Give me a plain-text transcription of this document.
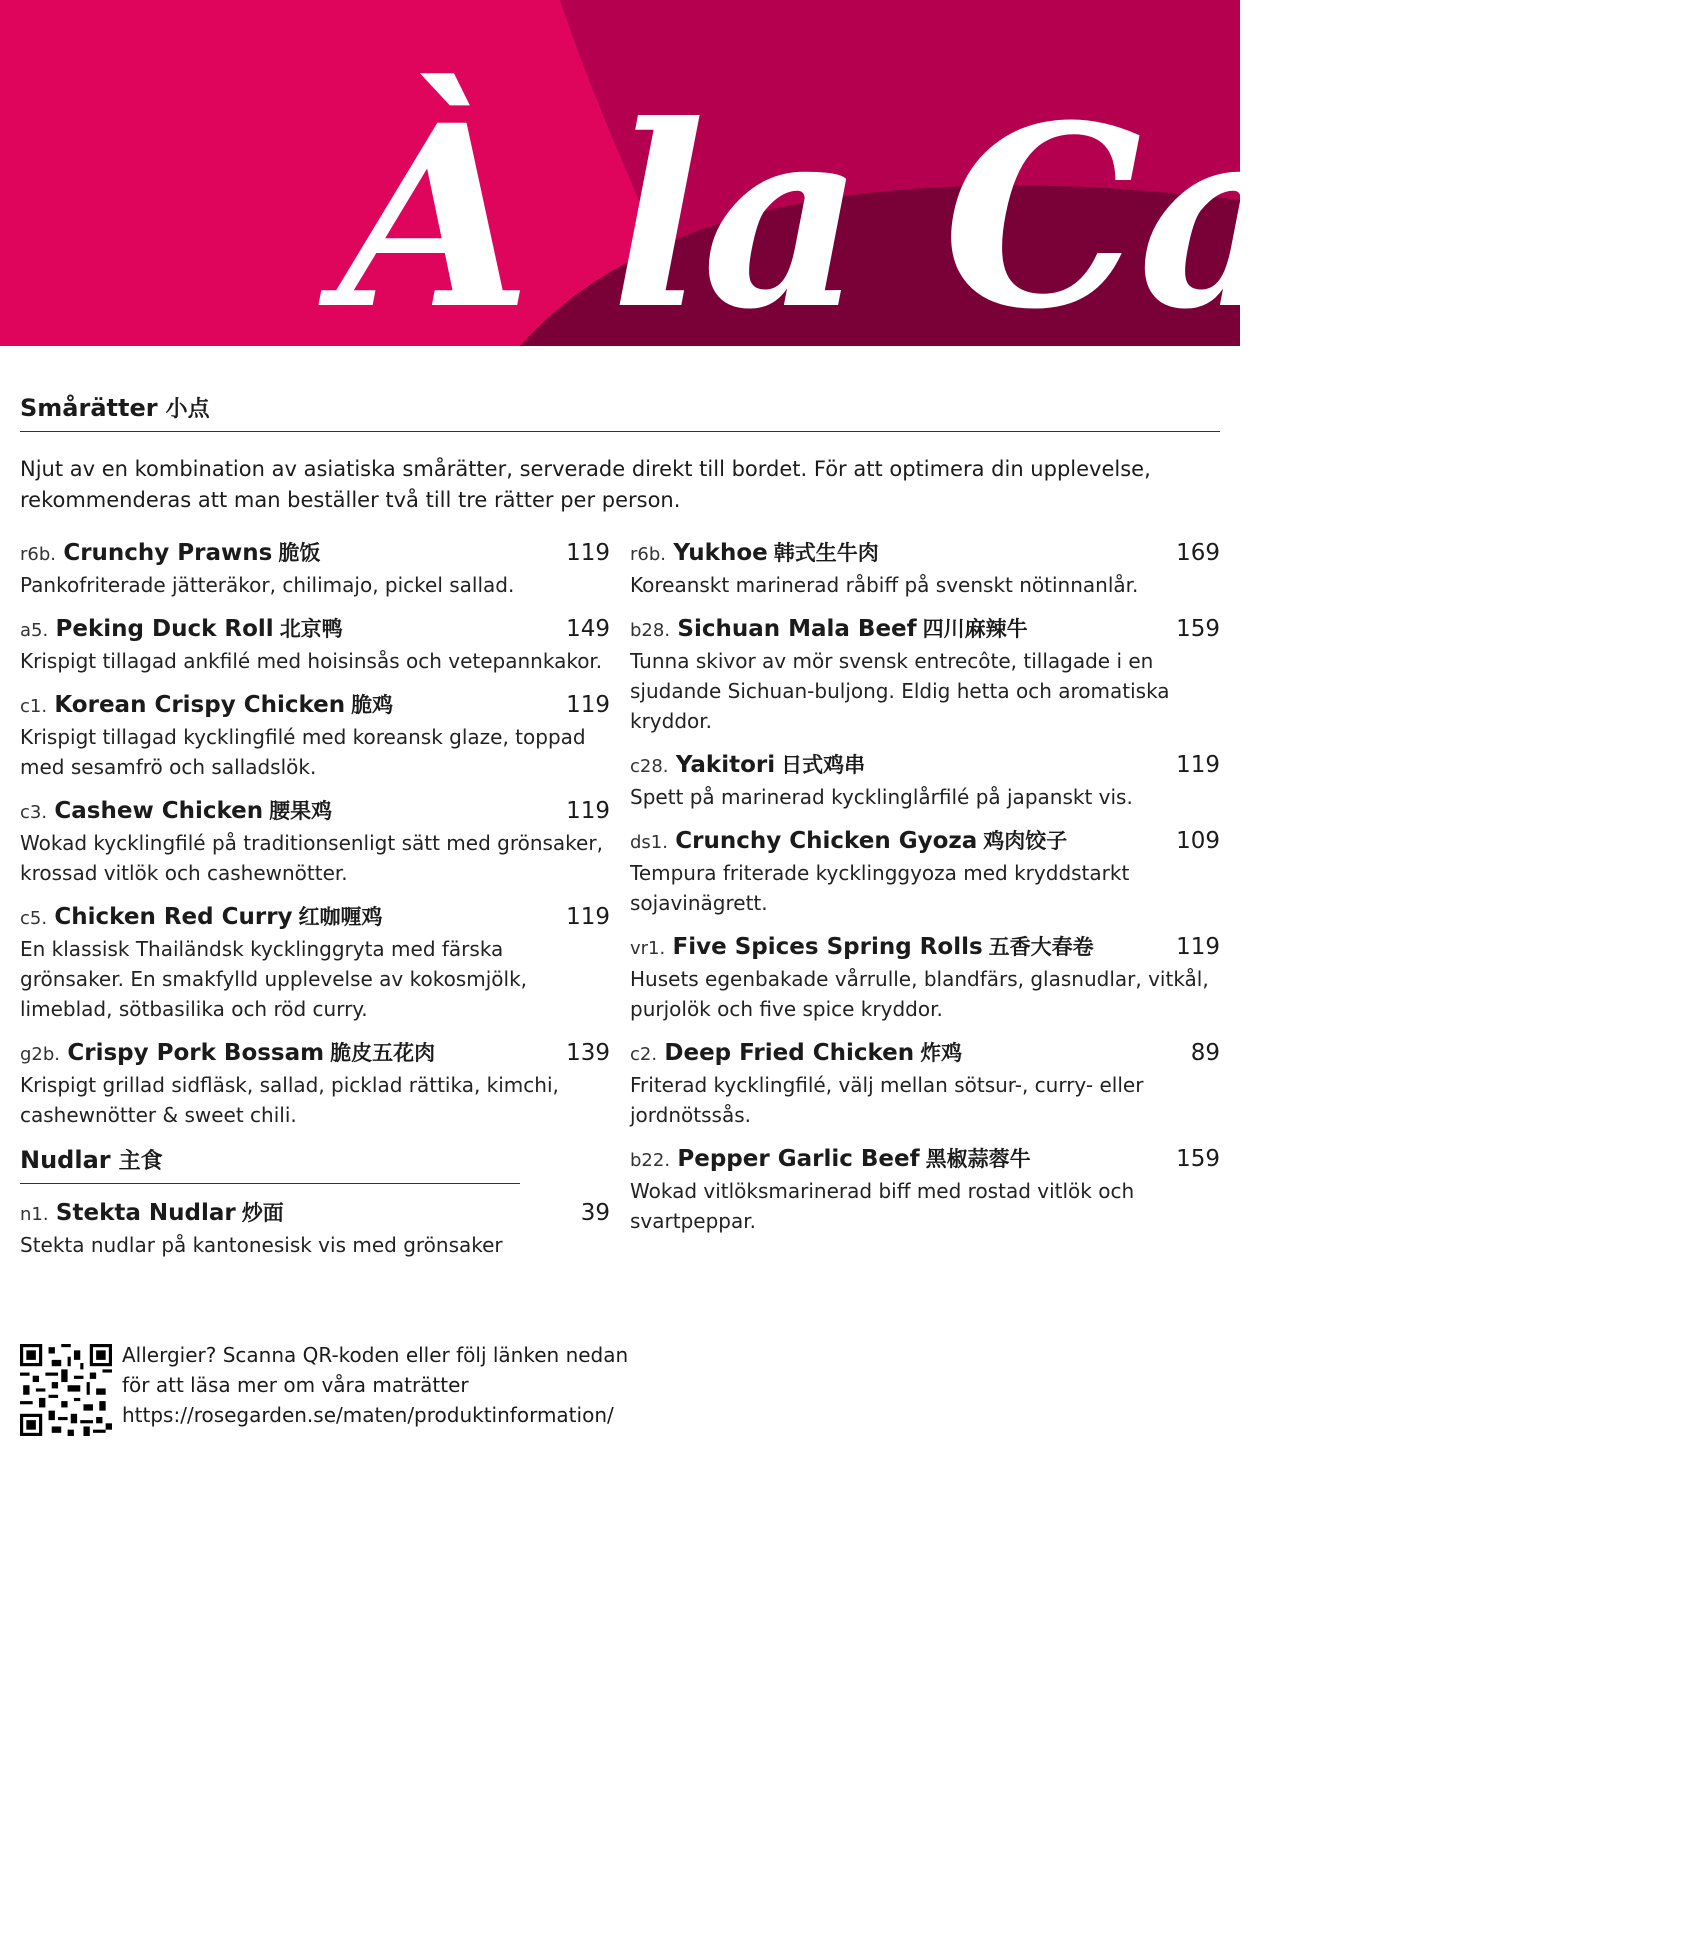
À la Carte
Smårätter 小点
Njut av en kombination av asiatiska smårätter, serverade direkt till bordet. För att optimera din upplevelse, rekommenderas att man beställer två till tre rätter per person.
r6b. Crunchy Prawns 脆饭	119
Pankofriterade jätteräkor, chilimajo, pickel sallad.
a5. Peking Duck Roll 北京鸭	149
Krispigt tillagad ankfilé med hoisinsås och vetepannkakor.
c1. Korean Crispy Chicken 脆鸡	119
Krispigt tillagad kycklingfilé med koreansk glaze, toppad med sesamfrö och salladslök.
c3. Cashew Chicken 腰果鸡	119
Wokad kycklingfilé på traditionsenligt sätt med grönsaker, krossad vitlök och cashewnötter.
c5. Chicken Red Curry 红咖喱鸡	119
En klassisk Thailändsk kycklinggryta med färska grönsaker. En smakfylld upplevelse av kokosmjölk, limeblad, sötbasilika och röd curry.
g2b. Crispy Pork Bossam 脆皮五花肉	139
Krispigt grillad sidfläsk, sallad, picklad rättika, kimchi, cashewnötter & sweet chili.
Nudlar 主食
n1. Stekta Nudlar 炒面	39
Stekta nudlar på kantonesisk vis med grönsaker
r6b. Yukhoe 韩式生牛肉	169
Koreanskt marinerad råbiff på svenskt nötinnanlår.
b28. Sichuan Mala Beef 四川麻辣牛	159
Tunna skivor av mör svensk entrecôte, tillagade i en sjudande Sichuan-buljong. Eldig hetta och aromatiska kryddor.
c28. Yakitori 日式鸡串	119
Spett på marinerad kycklinglårfilé på japanskt vis.
ds1. Crunchy Chicken Gyoza 鸡肉饺子	109
Tempura friterade kycklinggyoza med kryddstarkt sojavinägrett.
vr1. Five Spices Spring Rolls 五香大春卷	119
Husets egenbakade vårrulle, blandfärs, glasnudlar, vitkål, purjolök och five spice kryddor.
c2. Deep Fried Chicken 炸鸡	89
Friterad kycklingfilé, välj mellan sötsur-, curry- eller jordnötssås.
b22. Pepper Garlic Beef 黑椒蒜蓉牛	159
Wokad vitlöksmarinerad biff med rostad vitlök och svartpeppar.
Allergier? Scanna QR-koden eller följ länken nedan
för att läsa mer om våra maträtter
https://rosegarden.se/maten/produktinformation/
